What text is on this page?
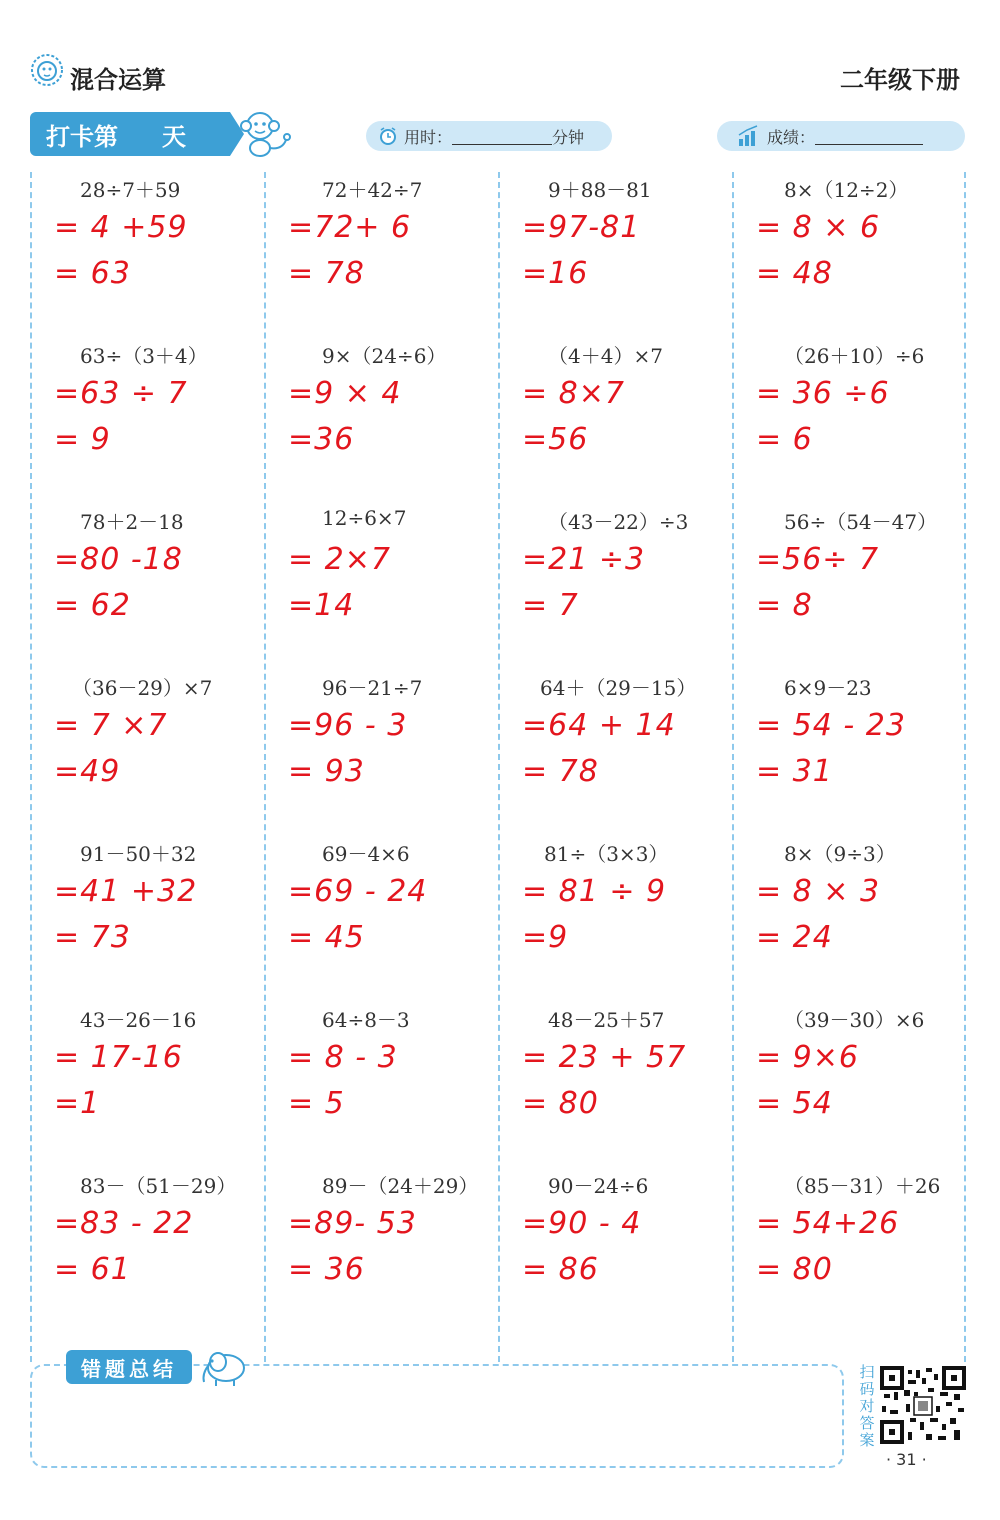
混合运算	二年级下册
打卡第 天	用时：	分钟	成绩：
28÷7＋59
= 4 +59
= 63
63÷（3＋4）
=63 ÷ 7
= 9
78＋2－18
=80 -18
= 62
（36－29）×7
= 7 ×7
=49
91－50＋32
=41 +32
= 73
43－26－16
= 17-16
=1
83－（51－29）
=83 - 22
= 61
72＋42÷7
=72+ 6
= 78
9×（24÷6）
=9 × 4
=36
12÷6×7
= 2×7
=14
96－21÷7
=96 - 3
= 93
69－4×6
=69 - 24
= 45
64÷8－3
= 8 - 3
= 5
89－（24＋29）
=89- 53
= 36
9＋88－81
=97-81
=16
（4＋4）×7
= 8×7
=56
（43－22）÷3
=21 ÷3
= 7
64＋（29－15）
=64 + 14
= 78
81÷（3×3）
= 81 ÷ 9
=9
48－25＋57
= 23 + 57
= 80
90－24÷6
=90 - 4
= 86
8×（12÷2）
= 8 × 6
= 48
（26＋10）÷6
= 36 ÷6
= 6
56÷（54－47）
=56÷ 7
= 8
6×9－23
= 54 - 23
= 31
8×（9÷3）
= 8 × 3
= 24
（39－30）×6
= 9×6
= 54
（85－31）＋26
= 54+26
= 80
错题总结	扫码对答案
· 31 ·
